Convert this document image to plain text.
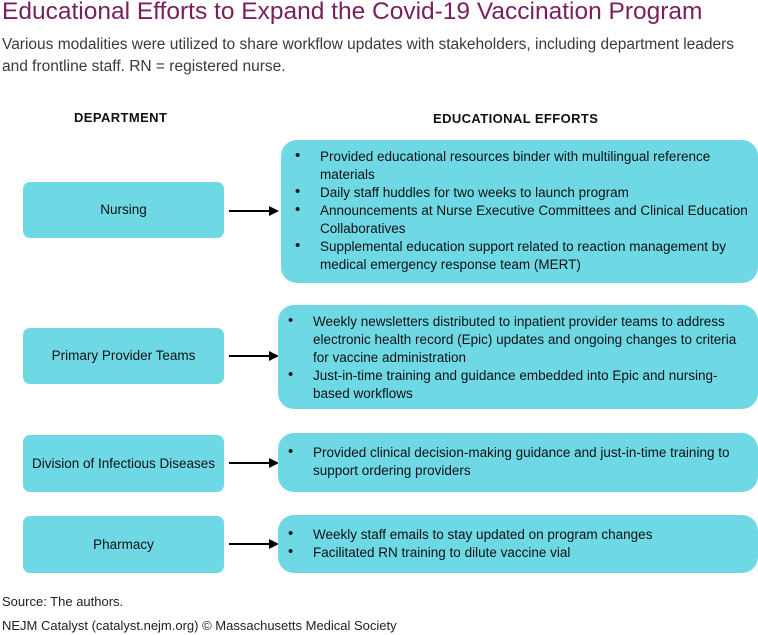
Educational Efforts to Expand the Covid-19 Vaccination Program
Various modalities were utilized to share workflow updates with stakeholders, including department leaders and frontline staff. RN = registered nurse.
DEPARTMENT	EDUCATIONAL EFFORTS
Nursing
• Provided educational resources binder with multilingual reference materials
• Daily staff huddles for two weeks to launch program
• Announcements at Nurse Executive Committees and Clinical Education Collaboratives
• Supplemental education support related to reaction management by medical emergency response team (MERT)
Primary Provider Teams
• Weekly newsletters distributed to inpatient provider teams to address electronic health record (Epic) updates and ongoing changes to criteria for vaccine administration
• Just-in-time training and guidance embedded into Epic and nursing-based workflows
Division of Infectious Diseases
• Provided clinical decision-making guidance and just-in-time training to support ordering providers
Pharmacy
• Weekly staff emails to stay updated on program changes
• Facilitated RN training to dilute vaccine vial
Source: The authors.
NEJM Catalyst (catalyst.nejm.org) © Massachusetts Medical Society
